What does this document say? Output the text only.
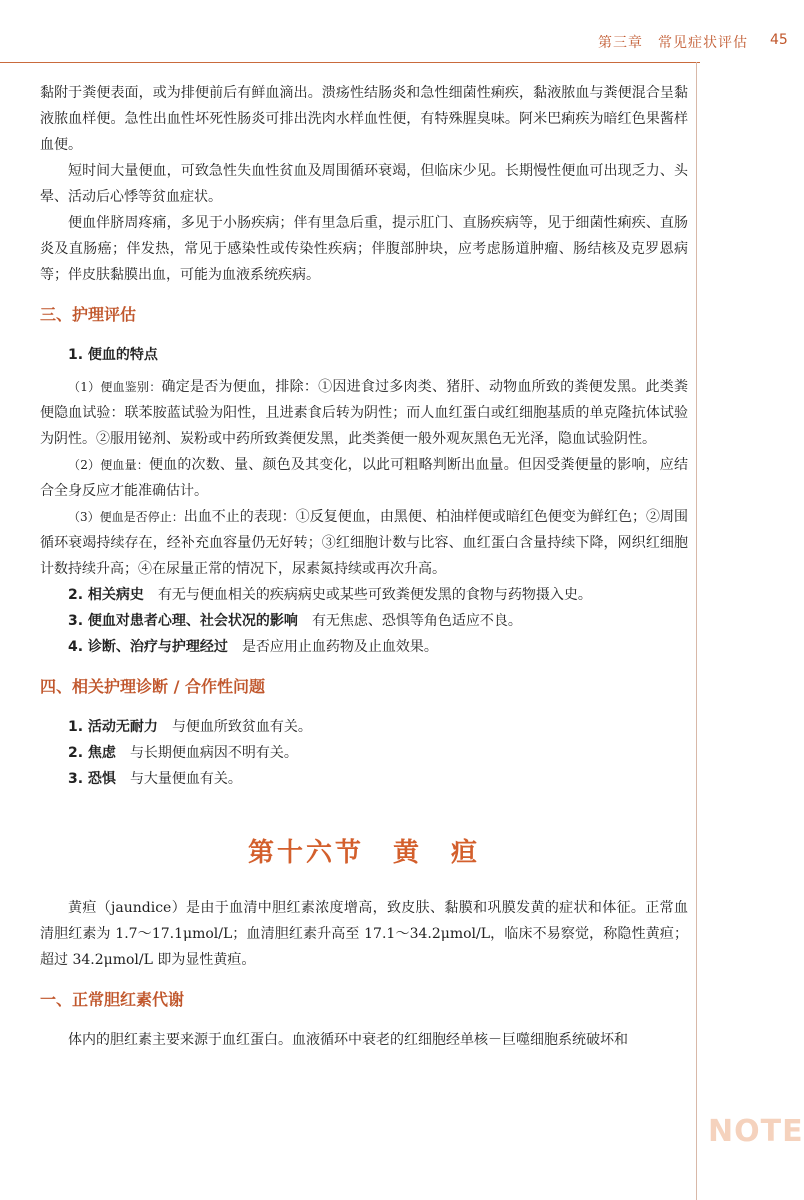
第三章　常见症状评估 45
NOTE

黏附于粪便表面，或为排便前后有鲜血滴出。溃疡性结肠炎和急性细菌性痢疾，黏液脓血与粪便混合呈黏液脓血样便。急性出血性坏死性肠炎可排出洗肉水样血性便，有特殊腥臭味。阿米巴痢疾为暗红色果酱样血便。

短时间大量便血，可致急性失血性贫血及周围循环衰竭，但临床少见。长期慢性便血可出现乏力、头晕、活动后心悸等贫血症状。

便血伴脐周疼痛，多见于小肠疾病；伴有里急后重，提示肛门、直肠疾病等，见于细菌性痢疾、直肠炎及直肠癌；伴发热，常见于感染性或传染性疾病；伴腹部肿块，应考虑肠道肿瘤、肠结核及克罗恩病等；伴皮肤黏膜出血，可能为血液系统疾病。

三、护理评估

1. 便血的特点

（1）便血鉴别：确定是否为便血，排除：①因进食过多肉类、猪肝、动物血所致的粪便发黑。此类粪便隐血试验：联苯胺蓝试验为阳性，且进素食后转为阴性；而人血红蛋白或红细胞基质的单克隆抗体试验为阴性。②服用铋剂、炭粉或中药所致粪便发黑，此类粪便一般外观灰黑色无光泽，隐血试验阴性。

（2）便血量：便血的次数、量、颜色及其变化，以此可粗略判断出血量。但因受粪便量的影响，应结合全身反应才能准确估计。

（3）便血是否停止：出血不止的表现：①反复便血，由黑便、柏油样便或暗红色便变为鲜红色；②周围循环衰竭持续存在，经补充血容量仍无好转；③红细胞计数与比容、血红蛋白含量持续下降，网织红细胞计数持续升高；④在尿量正常的情况下，尿素氮持续或再次升高。

2. 相关病史　 有无与便血相关的疾病病史或某些可致粪便发黑的食物与药物摄入史。

3. 便血对患者心理、社会状况的影响　 有无焦虑、恐惧等角色适应不良。

4. 诊断、治疗与护理经过　 是否应用止血药物及止血效果。

四、相关护理诊断 / 合作性问题

1. 活动无耐力　 与便血所致贫血有关。

2. 焦虑　 与长期便血病因不明有关。

3. 恐惧　 与大量便血有关。

第十六节　黄　疸

黄疸（jaundice）是由于血清中胆红素浓度增高，致皮肤、黏膜和巩膜发黄的症状和体征。正常血清胆红素为 1.7～17.1μmol/L；血清胆红素升高至 17.1～34.2μmol/L，临床不易察觉，称隐性黄疸；超过 34.2μmol/L 即为显性黄疸。

一、正常胆红素代谢

体内的胆红素主要来源于血红蛋白。血液循环中衰老的红细胞经单核－巨噬细胞系统破坏和
